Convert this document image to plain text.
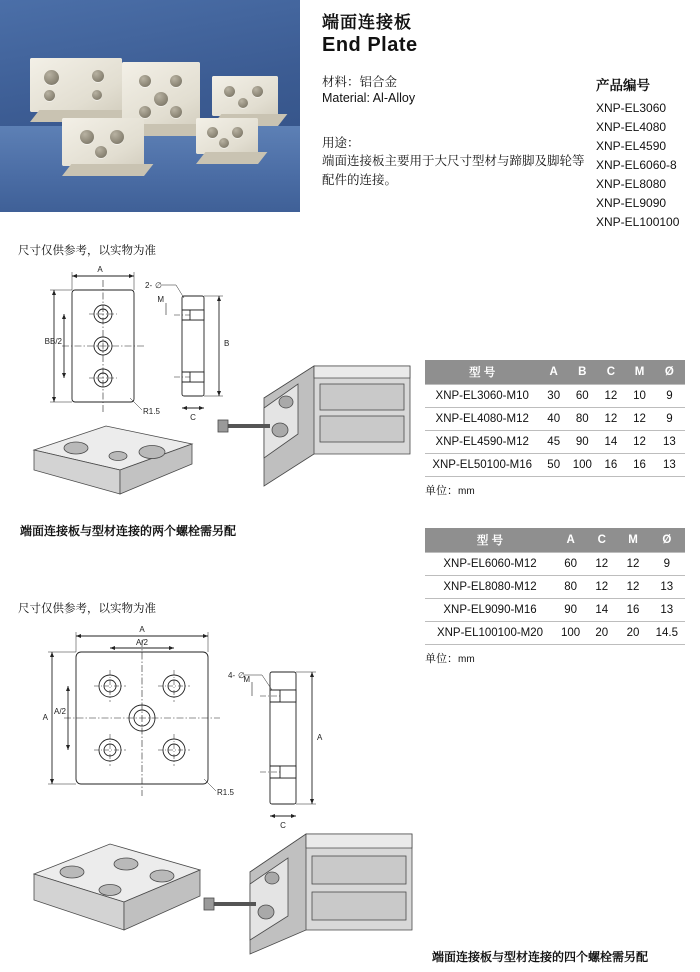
端面连接板
End Plate
材料：铝合金
Material: Al-Alloy
用途：
端面连接板主要用于大尺寸型材与蹄脚及脚轮等配件的连接。
产品编号
XNP-EL3060
XNP-EL4080
XNP-EL4590
XNP-EL6060-8
XNP-EL8080
XNP-EL9090
XNP-EL100100
尺寸仅供参考，以实物为准
端面连接板与型材连接的两个螺栓需另配
尺寸仅供参考，以实物为准
端面连接板与型材连接的四个螺栓需另配
A
B B/2
R1.5
2- ∅
M
B
C
A
A/2
A
A/2
R1.5
4- ∅
M
A
C
型 号	A	B	C	M	Ø
XNP-EL3060-M10	30	60	12	10	9
XNP-EL4080-M12	40	80	12	12	9
XNP-EL4590-M12	45	90	14	12	13
XNP-EL50100-M16	50	100	16	16	13
单位：mm
型 号	A	C	M	Ø
XNP-EL6060-M12	60	12	12	9
XNP-EL8080-M12	80	12	12	13
XNP-EL9090-M16	90	14	16	13
XNP-EL100100-M20	100	20	20	14.5
单位：mm
